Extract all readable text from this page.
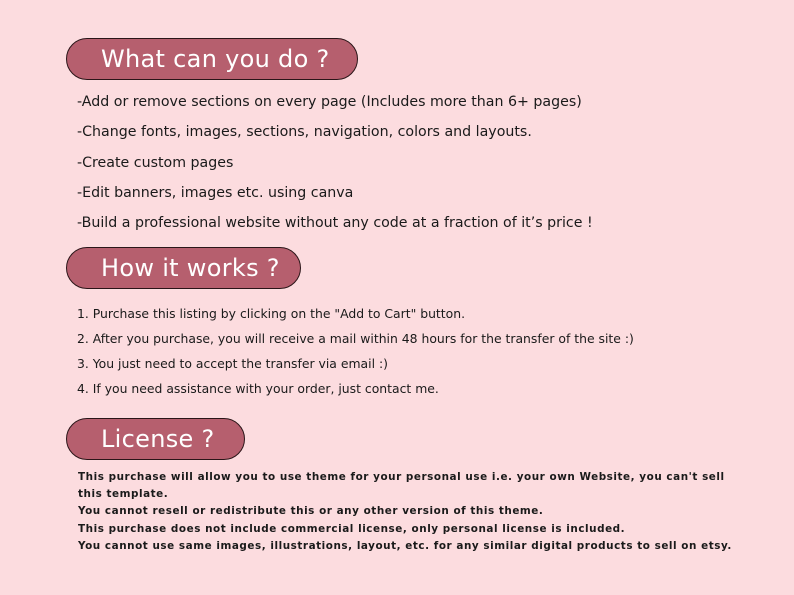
What can you do ?
-Add or remove sections on every page (Includes more than 6+ pages)
-Change fonts, images, sections, navigation, colors and layouts.
-Create custom pages
-Edit banners, images etc. using canva
-Build a professional website without any code at a fraction of it’s price !
How it works ?
1. Purchase this listing by clicking on the "Add to Cart" button.
2. After you purchase, you will receive a mail within 48 hours for the transfer of the site :)
3. You just need to accept the transfer via email :)
4. If you need assistance with your order, just contact me.
License ?
This purchase will allow you to use theme for your personal use i.e. your own Website, you can't sell this template.
You cannot resell or redistribute this or any other version of this theme.
This purchase does not include commercial license, only personal license is included.
You cannot use same images, illustrations, layout, etc. for any similar digital products to sell on etsy.
